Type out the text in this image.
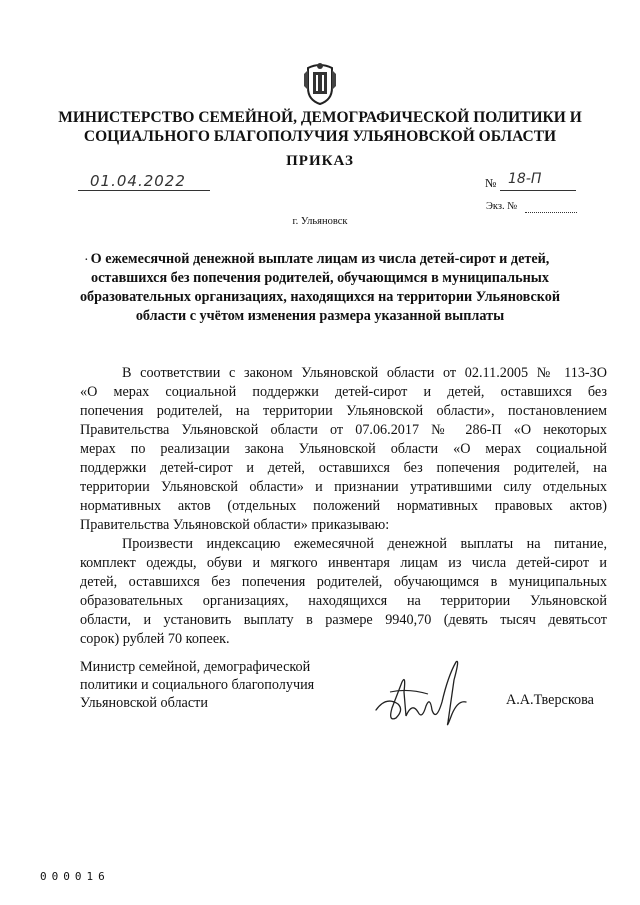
МИНИСТЕРСТВО СЕМЕЙНОЙ, ДЕМОГРАФИЧЕСКОЙ ПОЛИТИКИ И
СОЦИАЛЬНОГО БЛАГОПОЛУЧИЯ УЛЬЯНОВСКОЙ ОБЛАСТИ
ПРИКАЗ
01.04.2022	№ 18-П
Экз. №
г. Ульяновск
· О ежемесячной денежной выплате лицам из числа детей-сирот и детей,
оставшихся без попечения родителей, обучающимся в муниципальных
образовательных организациях, находящихся на территории Ульяновской
области с учётом изменения размера указанной выплаты
В соответствии с законом Ульяновской области от 02.11.2005 № 113-ЗО
«О мерах социальной поддержки детей-сирот и детей, оставшихся без
попечения родителей, на территории Ульяновской области», постановлением
Правительства Ульяновской области от 07.06.2017 № 286-П «О некоторых
мерах по реализации закона Ульяновской области «О мерах социальной
поддержки детей-сирот и детей, оставшихся без попечения родителей, на
территории Ульяновской области» и признании утратившими силу отдельных
нормативных актов (отдельных положений нормативных правовых актов)
Правительства Ульяновской области» приказываю:
Произвести индексацию ежемесячной денежной выплаты на питание,
комплект одежды, обуви и мягкого инвентаря лицам из числа детей-сирот и
детей, оставшихся без попечения родителей, обучающимся в муниципальных
образовательных организациях, находящихся на территории Ульяновской
области, и установить выплату в размере 9940,70 (девять тысяч девятьсот
сорок) рублей 70 копеек.
Министр семейной, демографической
политики и социального благополучия
Ульяновской области	А.А.Тверскова
000016
